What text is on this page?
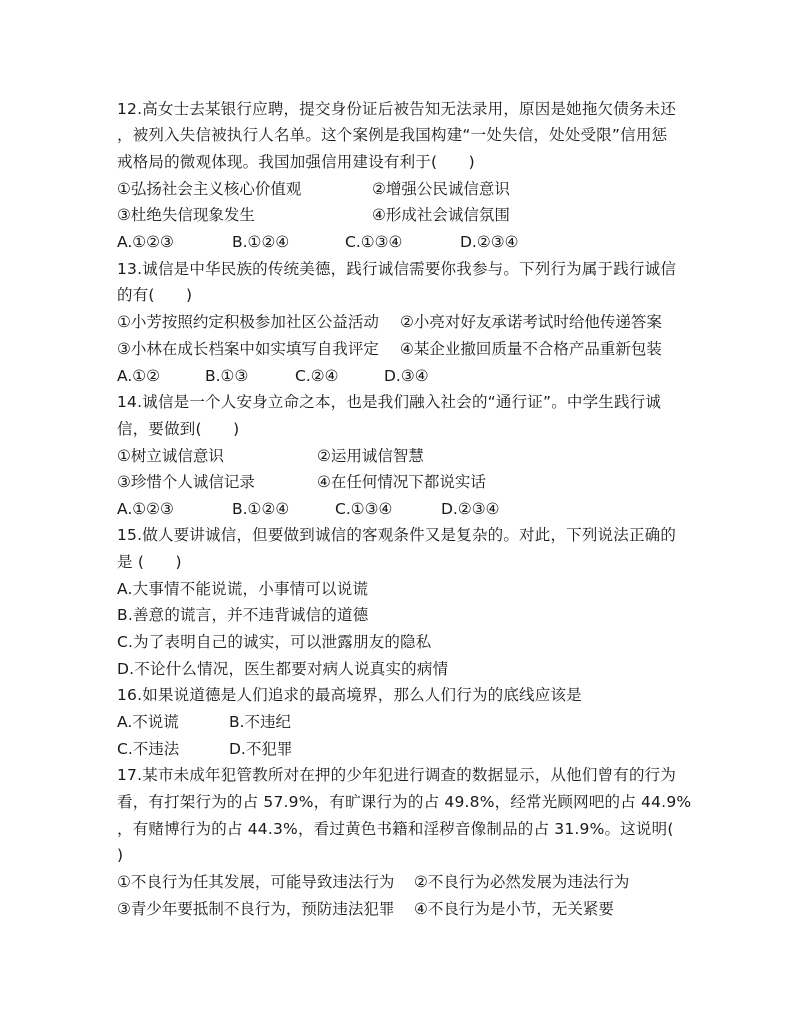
12.高女士去某银行应聘，提交身份证后被告知无法录用，原因是她拖欠债务未还
，被列入失信被执行人名单。这个案例是我国构建“一处失信，处处受限”信用惩
戒格局的微观体现。我国加强信用建设有利于(　　)
①弘扬社会主义核心价值观	②增强公民诚信意识
③杜绝失信现象发生	④形成社会诚信氛围
A.①②③	B.①②④	C.①③④	D.②③④
13.诚信是中华民族的传统美德，践行诚信需要你我参与。下列行为属于践行诚信
的有(　　)
①小芳按照约定积极参加社区公益活动 ②小亮对好友承诺考试时给他传递答案
③小林在成长档案中如实填写自我评定 ④某企业撤回质量不合格产品重新包装
A.①②	B.①③	C.②④	D.③④
14.诚信是一个人安身立命之本，也是我们融入社会的“通行证”。中学生践行诚
信，要做到(　　)
①树立诚信意识	②运用诚信智慧
③珍惜个人诚信记录	④在任何情况下都说实话
A.①②③	B.①②④	C.①③④	D.②③④
15.做人要讲诚信，但要做到诚信的客观条件又是复杂的。对此，下列说法正确的
是 (　　)
A.大事情不能说谎，小事情可以说谎
B.善意的谎言，并不违背诚信的道德
C.为了表明自己的诚实，可以泄露朋友的隐私
D.不论什么情况，医生都要对病人说真实的病情
16.如果说道德是人们追求的最高境界，那么人们行为的底线应该是
A.不说谎	B.不违纪
C.不违法	D.不犯罪
17.某市未成年犯管教所对在押的少年犯进行调查的数据显示，从他们曾有的行为
看，有打架行为的占 57.9%，有旷课行为的占 49.8%，经常光顾网吧的占 44.9%
，有赌博行为的占 44.3%，看过黄色书籍和淫秽音像制品的占 31.9%。这说明(
)
①不良行为任其发展，可能导致违法行为 ②不良行为必然发展为违法行为
③青少年要抵制不良行为，预防违法犯罪 ④不良行为是小节，无关紧要
